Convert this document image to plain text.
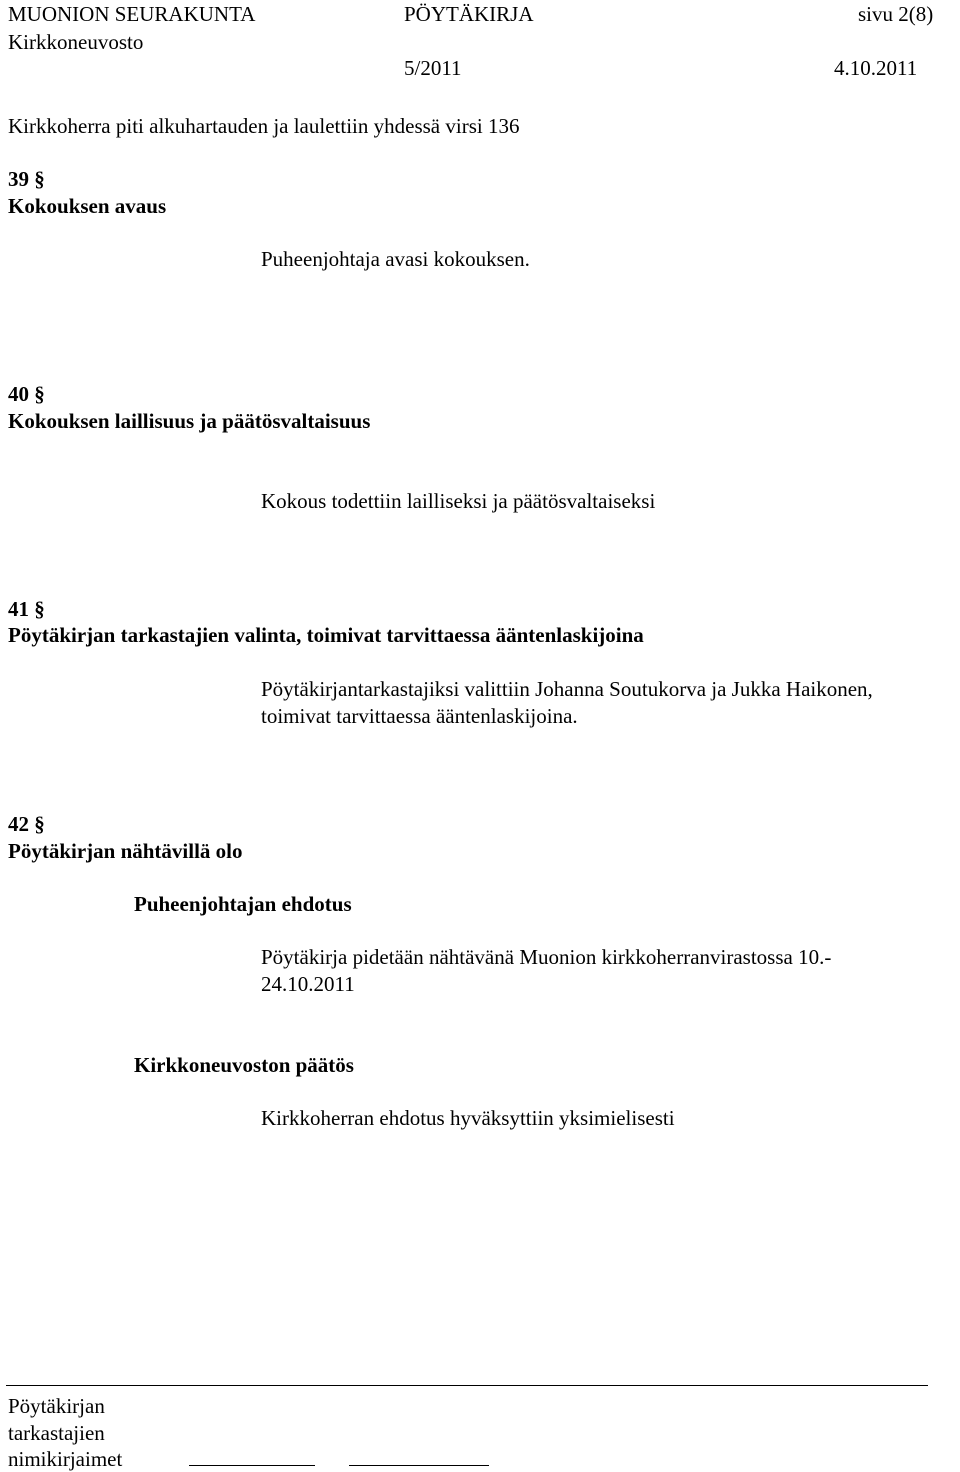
MUONION SEURAKUNTA	PÖYTÄKIRJA	sivu 2(8)
Kirkkoneuvosto
5/2011	4.10.2011
Kirkkoherra piti alkuhartauden ja laulettiin yhdessä virsi 136
39 §
Kokouksen avaus
Puheenjohtaja avasi kokouksen.
40 §
Kokouksen laillisuus ja päätösvaltaisuus
Kokous todettiin lailliseksi ja päätösvaltaiseksi
41 §
Pöytäkirjan tarkastajien valinta, toimivat tarvittaessa ääntenlaskijoina
Pöytäkirjantarkastajiksi valittiin Johanna Soutukorva ja Jukka Haikonen,
toimivat tarvittaessa ääntenlaskijoina.
42 §
Pöytäkirjan nähtävillä olo
Puheenjohtajan ehdotus
Pöytäkirja pidetään nähtävänä Muonion kirkkoherranvirastossa 10.-
24.10.2011
Kirkkoneuvoston päätös
Kirkkoherran ehdotus hyväksyttiin yksimielisesti
Pöytäkirjan
tarkastajien
nimikirjaimet
